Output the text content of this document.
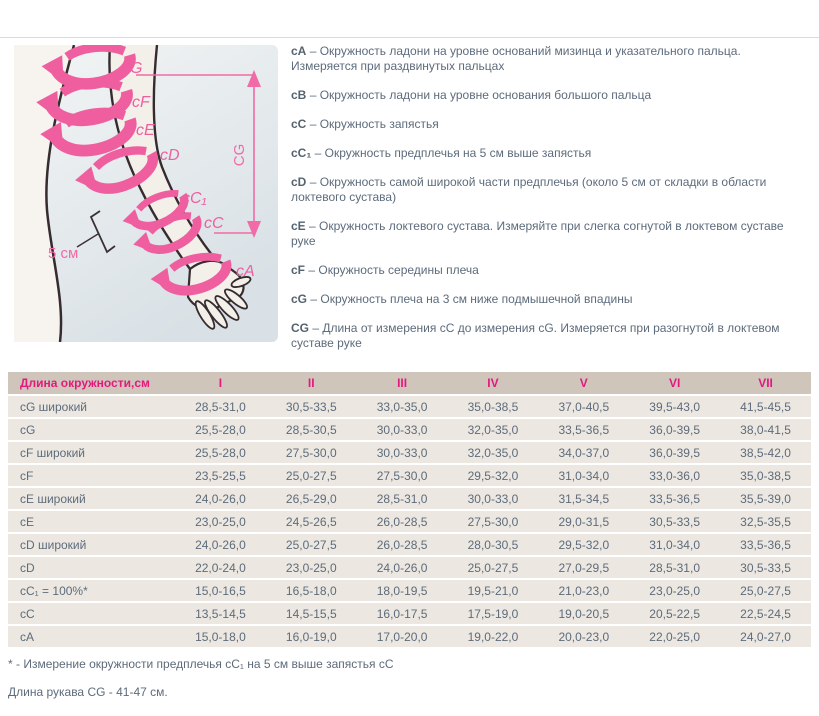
cG
cF
cE
cD
cC₁
cC
cA
CG
5 см

cA – Окружность ладони на уровне оснований мизинца и указательного пальца. Измеряется при раздвинутых пальцах

cB – Окружность ладони на уровне основания большого пальца

cC – Окружность запястья

cC₁ – Окружность предплечья на 5 см выше запястья

cD – Окружность самой широкой части предплечья (около 5 см от складки в области локтевого сустава)

cE – Окружность локтевого сустава. Измеряйте при слегка согнутой в локтевом суставе руке

cF – Окружность середины плеча

cG – Окружность плеча на 3 см ниже подмышечной впадины

CG – Длина от измерения сС до измерения сG. Измеряется при разогнутой в локтевом суставе руке

Длина окружности,см	I	II	III	IV	V	VI	VII
cG широкий	28,5-31,0	30,5-33,5	33,0-35,0	35,0-38,5	37,0-40,5	39,5-43,0	41,5-45,5
cG	25,5-28,0	28,5-30,5	30,0-33,0	32,0-35,0	33,5-36,5	36,0-39,5	38,0-41,5
cF широкий	25,5-28,0	27,5-30,0	30,0-33,0	32,0-35,0	34,0-37,0	36,0-39,5	38,5-42,0
cF	23,5-25,5	25,0-27,5	27,5-30,0	29,5-32,0	31,0-34,0	33,0-36,0	35,0-38,5
cE широкий	24,0-26,0	26,5-29,0	28,5-31,0	30,0-33,0	31,5-34,5	33,5-36,5	35,5-39,0
cE	23,0-25,0	24,5-26,5	26,0-28,5	27,5-30,0	29,0-31,5	30,5-33,5	32,5-35,5
cD широкий	24,0-26,0	25,0-27,5	26,0-28,5	28,0-30,5	29,5-32,0	31,0-34,0	33,5-36,5
cD	22,0-24,0	23,0-25,0	24,0-26,0	25,0-27,5	27,0-29,5	28,5-31,0	30,5-33,5
cC₁ = 100%*	15,0-16,5	16,5-18,0	18,0-19,5	19,5-21,0	21,0-23,0	23,0-25,0	25,0-27,5
cC	13,5-14,5	14,5-15,5	16,0-17,5	17,5-19,0	19,0-20,5	20,5-22,5	22,5-24,5
cA	15,0-18,0	16,0-19,0	17,0-20,0	19,0-22,0	20,0-23,0	22,0-25,0	24,0-27,0

* - Измерение окружности предплечья сС₁ на 5 см выше запястья сС

Длина рукава CG - 41-47 см.
